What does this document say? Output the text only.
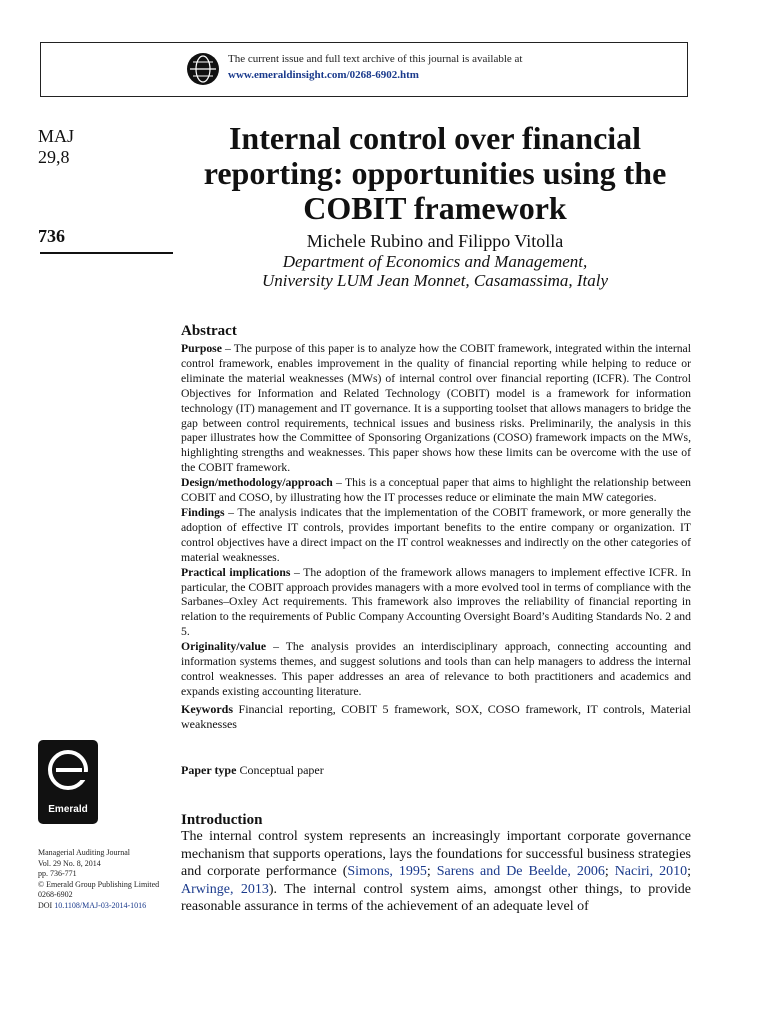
The current issue and full text archive of this journal is available at
www.emeraldinsight.com/0268-6902.htm
MAJ
29,8
736
Internal control over financial reporting: opportunities using the COBIT framework
Michele Rubino and Filippo Vitolla
Department of Economics and Management,
University LUM Jean Monnet, Casamassima, Italy
Abstract

Purpose – The purpose of this paper is to analyze how the COBIT framework, integrated within the internal control framework, enables improvement in the quality of financial reporting while helping to reduce or eliminate the material weaknesses (MWs) of internal control over financial reporting (ICFR). The Control Objectives for Information and Related Technology (COBIT) model is a framework for information technology (IT) management and IT governance. It is a supporting toolset that allows managers to bridge the gap between control requirements, technical issues and business risks. Preliminarily, the analysis in this paper illustrates how the Committee of Sponsoring Organizations (COSO) framework impacts on the MWs, highlighting strengths and weaknesses. This paper shows how these limits can be overcome with the use of the COBIT framework.

Design/methodology/approach – This is a conceptual paper that aims to highlight the relationship between COBIT and COSO, by illustrating how the IT processes reduce or eliminate the main MW categories.

Findings – The analysis indicates that the implementation of the COBIT framework, or more generally the adoption of effective IT controls, provides important benefits to the entire company or organization. IT control objectives have a direct impact on the IT control weaknesses and indirectly on the other categories of material weaknesses.

Practical implications – The adoption of the framework allows managers to implement effective ICFR. In particular, the COBIT approach provides managers with a more evolved tool in terms of compliance with the Sarbanes–Oxley Act requirements. This framework also improves the reliability of financial reporting in relation to the requirements of Public Company Accounting Oversight Board’s Auditing Standards No. 2 and 5.

Originality/value – The analysis provides an interdisciplinary approach, connecting accounting and information systems themes, and suggest solutions and tools than can help managers to address the internal control weaknesses. This paper addresses an area of relevance to both practitioners and academics and expands existing accounting literature.

Keywords Financial reporting, COBIT 5 framework, SOX, COSO framework, IT controls, Material weaknesses

Paper type Conceptual paper
Emerald
Managerial Auditing Journal
Vol. 29 No. 8, 2014
pp. 736-771
© Emerald Group Publishing Limited
0268-6902
DOI 10.1108/MAJ-03-2014-1016
Introduction

The internal control system represents an increasingly important corporate governance mechanism that supports operations, lays the foundations for successful business strategies and corporate performance (Simons, 1995; Sarens and De Beelde, 2006; Naciri, 2010; Arwinge, 2013). The internal control system aims, amongst other things, to provide reasonable assurance in terms of the achievement of an adequate level of
